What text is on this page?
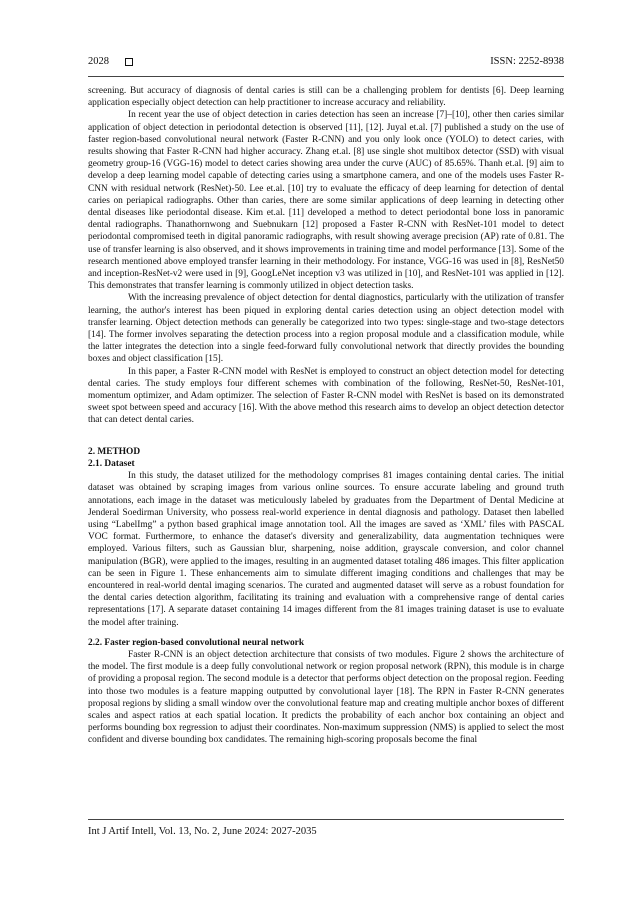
2028	ISSN: 2252-8938

screening. But accuracy of diagnosis of dental caries is still can be a challenging problem for dentists [6]. Deep learning application especially object detection can help practitioner to increase accuracy and reliability.

In recent year the use of object detection in caries detection has seen an increase [7]–[10], other then caries similar application of object detection in periodontal detection is observed [11], [12]. Juyal et.al. [7] published a study on the use of faster region-based convolutional neural network (Faster R-CNN) and you only look once (YOLO) to detect caries, with results showing that Faster R-CNN had higher accuracy. Zhang et.al. [8] use single shot multibox detector (SSD) with visual geometry group-16 (VGG-16) model to detect caries showing area under the curve (AUC) of 85.65%. Thanh et.al. [9] aim to develop a deep learning model capable of detecting caries using a smartphone camera, and one of the models uses Faster R-CNN with residual network (ResNet)-50. Lee et.al. [10] try to evaluate the efficacy of deep learning for detection of dental caries on periapical radiographs. Other than caries, there are some similar applications of deep learning in detecting other dental diseases like periodontal disease. Kim et.al. [11] developed a method to detect periodontal bone loss in panoramic dental radiographs. Thanathornwong and Suebnukarn [12] proposed a Faster R-CNN with ResNet-101 model to detect periodontal compromised teeth in digital panoramic radiographs, with result showing average precision (AP) rate of 0.81. The use of transfer learning is also observed, and it shows improvements in training time and model performance [13]. Some of the research mentioned above employed transfer learning in their methodology. For instance, VGG-16 was used in [8], ResNet50 and inception-ResNet-v2 were used in [9], GoogLeNet inception v3 was utilized in [10], and ResNet-101 was applied in [12]. This demonstrates that transfer learning is commonly utilized in object detection tasks.

With the increasing prevalence of object detection for dental diagnostics, particularly with the utilization of transfer learning, the author's interest has been piqued in exploring dental caries detection using an object detection model with transfer learning. Object detection methods can generally be categorized into two types: single-stage and two-stage detectors [14]. The former involves separating the detection process into a region proposal module and a classification module, while the latter integrates the detection into a single feed-forward fully convolutional network that directly provides the bounding boxes and object classification [15].

In this paper, a Faster R-CNN model with ResNet is employed to construct an object detection model for detecting dental caries. The study employs four different schemes with combination of the following, ResNet-50, ResNet-101, momentum optimizer, and Adam optimizer. The selection of Faster R-CNN model with ResNet is based on its demonstrated sweet spot between speed and accuracy [16]. With the above method this research aims to develop an object detection detector that can detect dental caries.

2. METHOD
2.1. Dataset

In this study, the dataset utilized for the methodology comprises 81 images containing dental caries. The initial dataset was obtained by scraping images from various online sources. To ensure accurate labeling and ground truth annotations, each image in the dataset was meticulously labeled by graduates from the Department of Dental Medicine at Jenderal Soedirman University, who possess real-world experience in dental diagnosis and pathology. Dataset then labelled using “LabelImg” a python based graphical image annotation tool. All the images are saved as ‘XML’ files with PASCAL VOC format. Furthermore, to enhance the dataset's diversity and generalizability, data augmentation techniques were employed. Various filters, such as Gaussian blur, sharpening, noise addition, grayscale conversion, and color channel manipulation (BGR), were applied to the images, resulting in an augmented dataset totaling 486 images. This filter application can be seen in Figure 1. These enhancements aim to simulate different imaging conditions and challenges that may be encountered in real-world dental imaging scenarios. The curated and augmented dataset will serve as a robust foundation for the dental caries detection algorithm, facilitating its training and evaluation with a comprehensive range of dental caries representations [17]. A separate dataset containing 14 images different from the 81 images training dataset is use to evaluate the model after training.

2.2. Faster region-based convolutional neural network

Faster R-CNN is an object detection architecture that consists of two modules. Figure 2 shows the architecture of the model. The first module is a deep fully convolutional network or region proposal network (RPN), this module is in charge of providing a proposal region. The second module is a detector that performs object detection on the proposal region. Feeding into those two modules is a feature mapping outputted by convolutional layer [18]. The RPN in Faster R-CNN generates proposal regions by sliding a small window over the convolutional feature map and creating multiple anchor boxes of different scales and aspect ratios at each spatial location. It predicts the probability of each anchor box containing an object and performs bounding box regression to adjust their coordinates. Non-maximum suppression (NMS) is applied to select the most confident and diverse bounding box candidates. The remaining high-scoring proposals become the final

Int J Artif Intell, Vol. 13, No. 2, June 2024: 2027-2035
